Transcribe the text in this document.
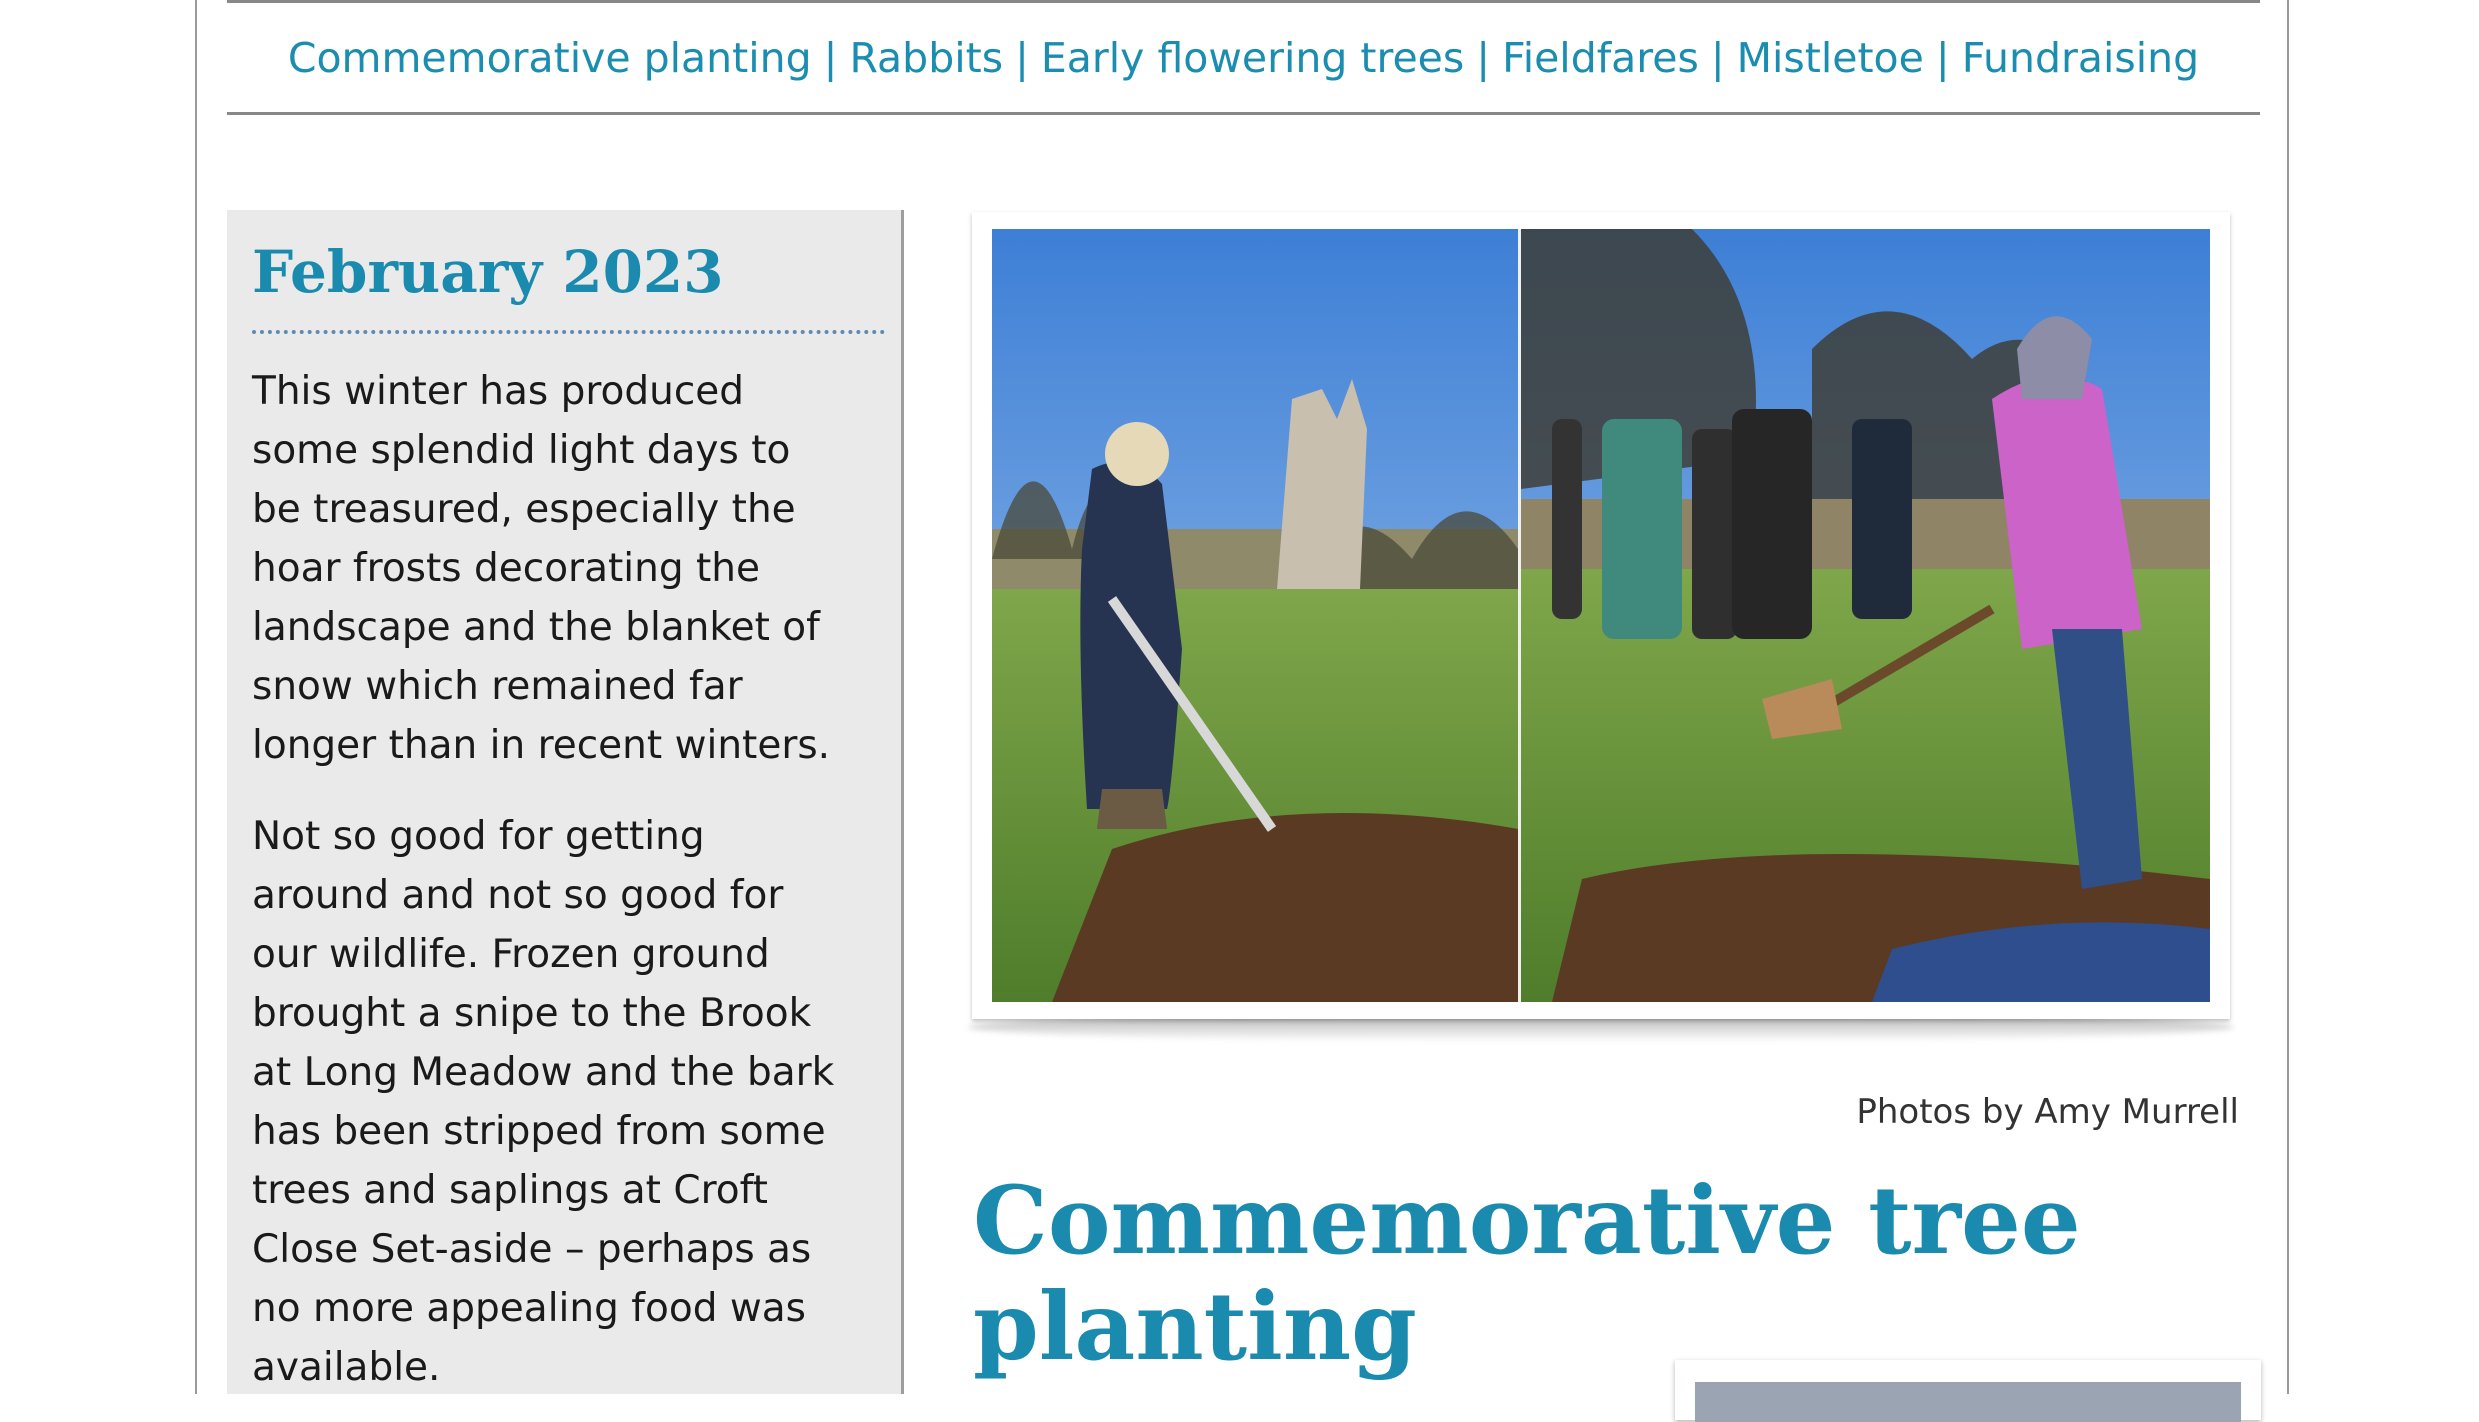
Commemorative planting | Rabbits | Early flowering trees | Fieldfares | Mistletoe | Fundraising
February 2023

This winter has produced some splendid light days to be treasured, especially the hoar frosts decorating the landscape and the blanket of snow which remained far longer than in recent winters.

Not so good for getting around and not so good for our wildlife. Frozen ground brought a snipe to the Brook at Long Meadow and the bark has been stripped from some trees and saplings at Croft Close Set-aside – perhaps as no more appealing food was available.

Photos by Amy Murrell
Commemorative tree planting
